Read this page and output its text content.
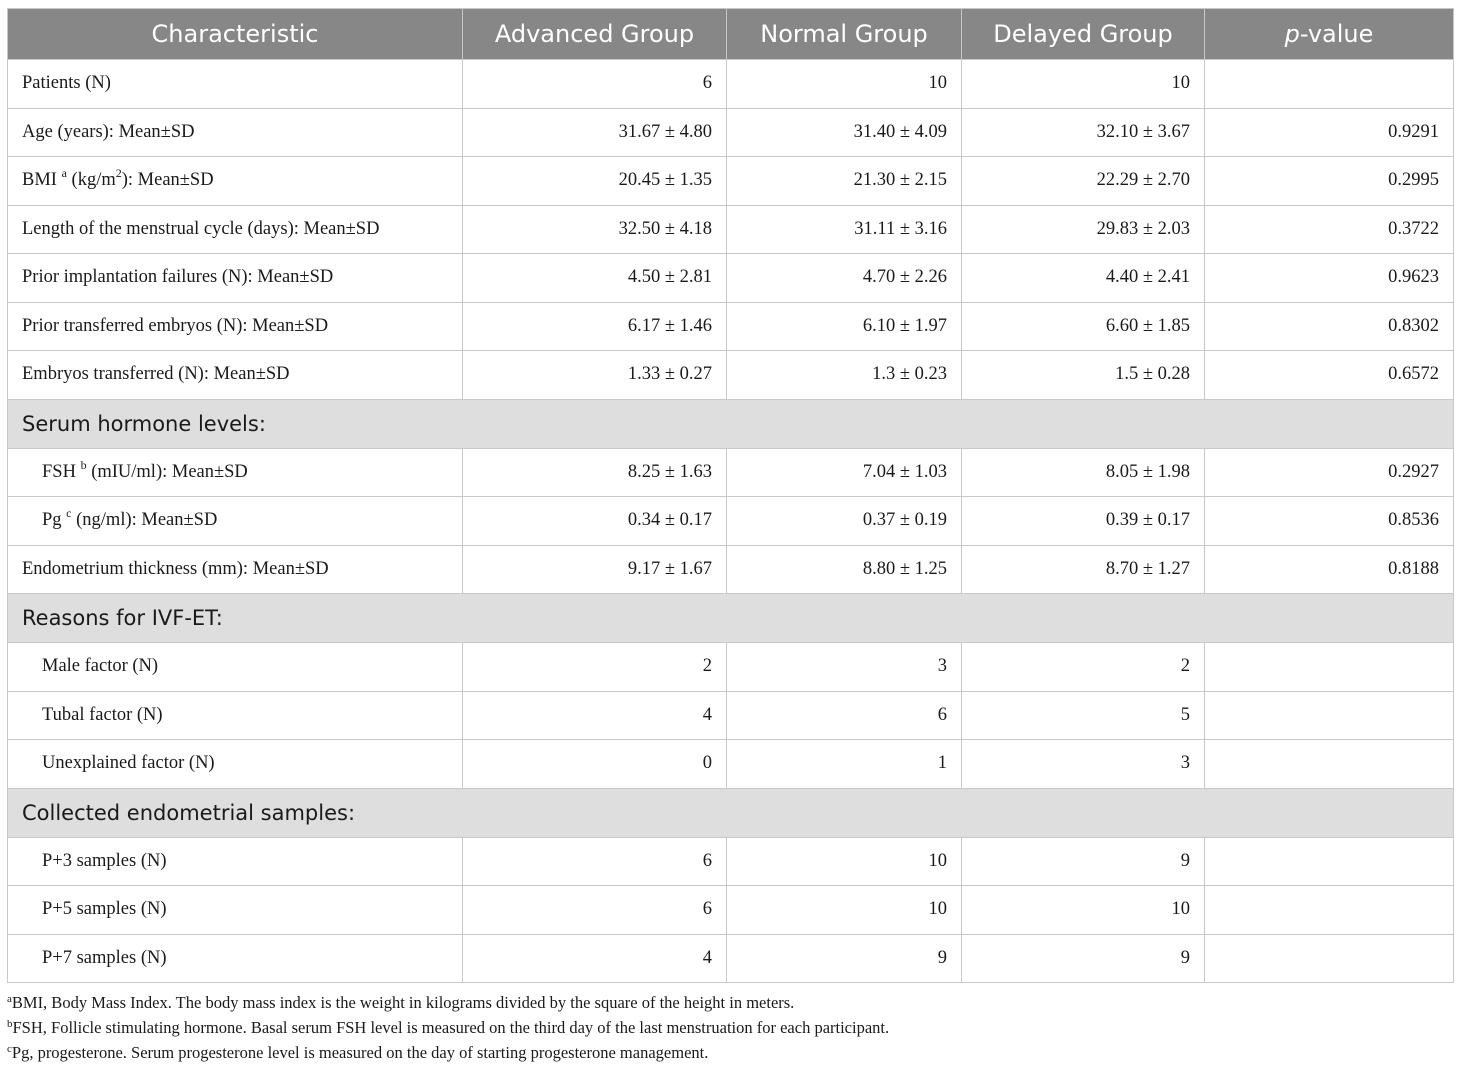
Characteristic	Advanced Group	Normal Group	Delayed Group	p-value
Patients (N)	6	10	10	
Age (years): Mean±SD	31.67 ± 4.80	31.40 ± 4.09	32.10 ± 3.67	0.9291
BMI $^a$ $(kg/m^2)$: Mean±SD	20.45 ± 1.35	21.30 ± 2.15	22.29 ± 2.70	0.2995
Length of the menstrual cycle (days): Mean±SD	32.50 ± 4.18	31.11 ± 3.16	29.83 ± 2.03	0.3722
Prior implantation failures (N): Mean±SD	4.50 ± 2.81	4.70 ± 2.26	4.40 ± 2.41	0.9623
Prior transferred embryos (N): Mean±SD	6.17 ± 1.46	6.10 ± 1.97	6.60 ± 1.85	0.8302
Embryos transferred (N): Mean±SD	1.33 ± 0.27	1.3 ± 0.23	1.5 ± 0.28	0.6572
Serum hormone levels:				
FSH $^b$ (mIU/ml): Mean±SD	8.25 ± 1.63	7.04 ± 1.03	8.05 ± 1.98	0.2927
Pg $^c$ (ng/ml): Mean±SD	0.34 ± 0.17	0.37 ± 0.19	0.39 ± 0.17	0.8536
Endometrium thickness (mm): Mean±SD	9.17 ± 1.67	8.80 ± 1.25	8.70 ± 1.27	0.8188
Reasons for IVF-ET:				
Male factor (N)	2	3	2	
Tubal factor (N)	4	6	5	
Unexplained factor (N)	0	1	3	
Collected endometrial samples:				
P+3 samples (N)	6	10	9	
P+5 samples (N)	6	10	10	
P+7 samples (N)	4	9	9	
$^a$BMI, Body Mass Index. The body mass index is the weight in kilograms divided by the square of the height in meters.
$^b$FSH, Follicle stimulating hormone. Basal serum FSH level is measured on the third day of the last menstruation for each participant.
$^c$Pg, progesterone. Serum progesterone level is measured on the day of starting progesterone management.
